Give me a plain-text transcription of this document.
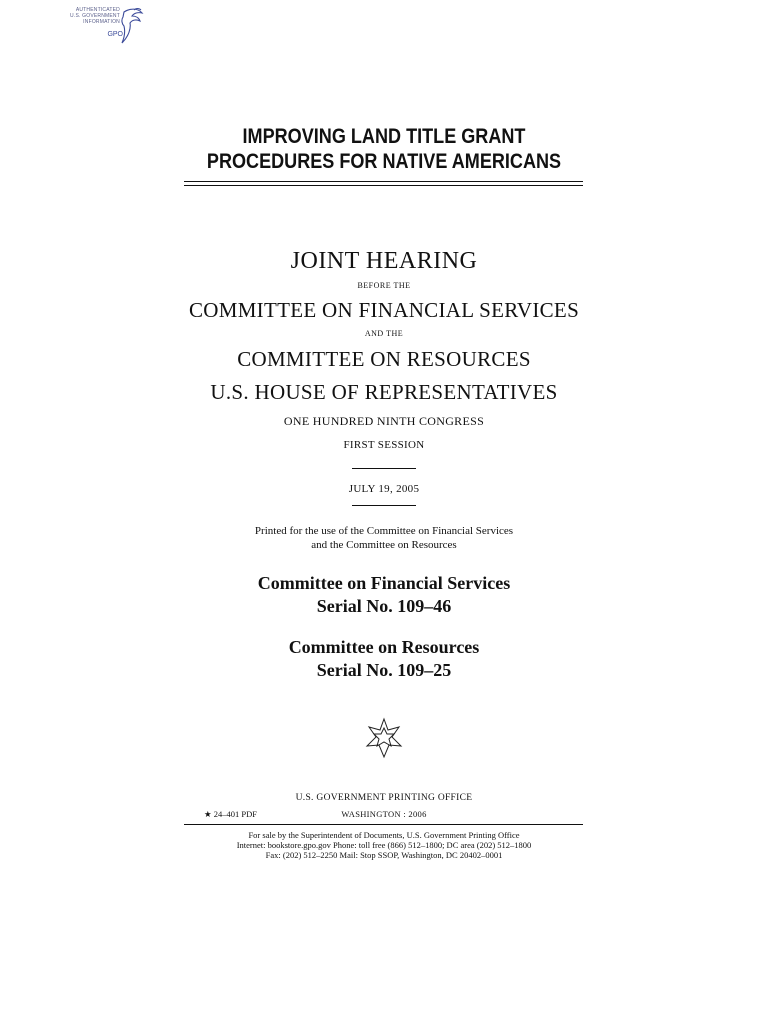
AUTHENTICATED
U.S. GOVERNMENT
INFORMATION
GPO
IMPROVING LAND TITLE GRANT
PROCEDURES FOR NATIVE AMERICANS
JOINT HEARING
BEFORE THE
COMMITTEE ON FINANCIAL SERVICES
AND THE
COMMITTEE ON RESOURCES
U.S. HOUSE OF REPRESENTATIVES
ONE HUNDRED NINTH CONGRESS
FIRST SESSION
JULY 19, 2005
Printed for the use of the Committee on Financial Services
and the Committee on Resources
Committee on Financial Services
Serial No. 109–46
Committee on Resources
Serial No. 109–25
U.S. GOVERNMENT PRINTING OFFICE
★ 24–401 PDF	WASHINGTON : 2006
For sale by the Superintendent of Documents, U.S. Government Printing Office
Internet: bookstore.gpo.gov Phone: toll free (866) 512–1800; DC area (202) 512–1800
Fax: (202) 512–2250 Mail: Stop SSOP, Washington, DC 20402–0001
